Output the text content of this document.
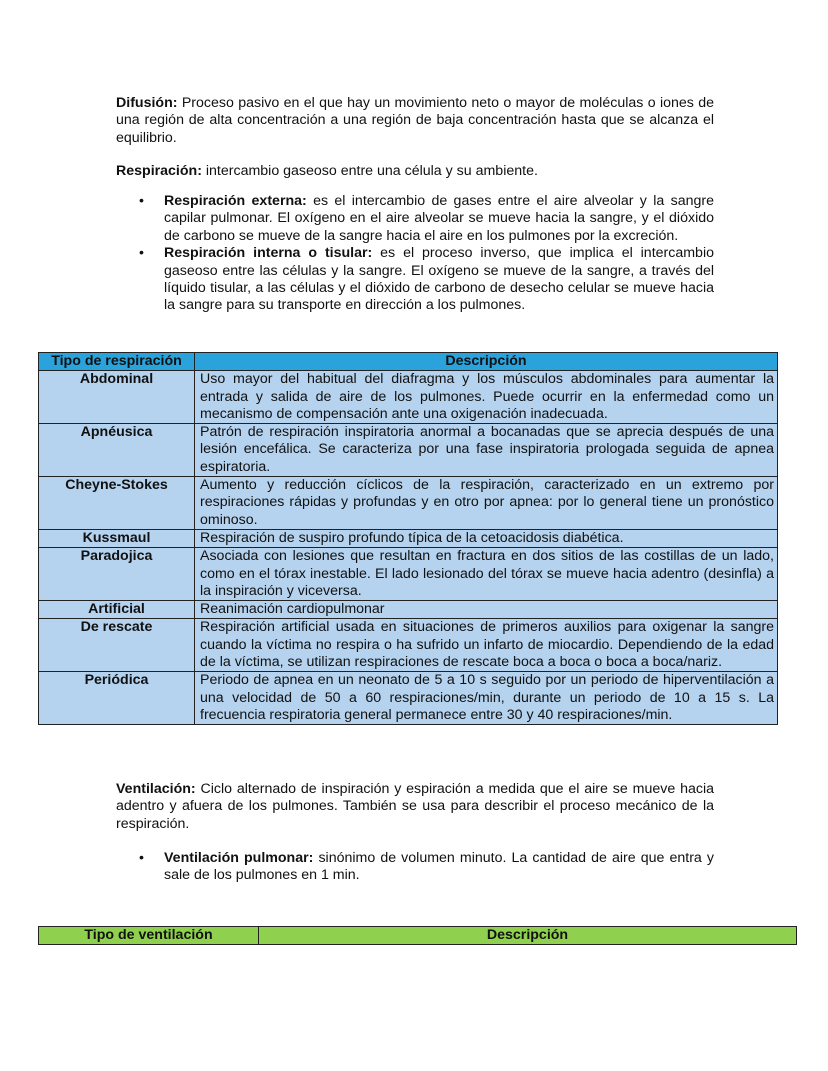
Difusión: Proceso pasivo en el que hay un movimiento neto o mayor de moléculas o iones de una región de alta concentración a una región de baja concentración hasta que se alcanza el equilibrio.

Respiración: intercambio gaseoso entre una célula y su ambiente.

• Respiración externa: es el intercambio de gases entre el aire alveolar y la sangre capilar pulmonar. El oxígeno en el aire alveolar se mueve hacia la sangre, y el dióxido de carbono se mueve de la sangre hacia el aire en los pulmones por la excreción.
• Respiración interna o tisular: es el proceso inverso, que implica el intercambio gaseoso entre las células y la sangre. El oxígeno se mueve de la sangre, a través del líquido tisular, a las células y el dióxido de carbono de desecho celular se mueve hacia la sangre para su transporte en dirección a los pulmones.
Tipo de respiración	Descripción
Abdominal	Uso mayor del habitual del diafragma y los músculos abdominales para aumentar la entrada y salida de aire de los pulmones. Puede ocurrir en la enfermedad como un mecanismo de compensación ante una oxigenación inadecuada.
Apnéusica	Patrón de respiración inspiratoria anormal a bocanadas que se aprecia después de una lesión encefálica. Se caracteriza por una fase inspiratoria prologada seguida de apnea espiratoria.
Cheyne-Stokes	Aumento y reducción cíclicos de la respiración, caracterizado en un extremo por respiraciones rápidas y profundas y en otro por apnea: por lo general tiene un pronóstico ominoso.
Kussmaul	Respiración de suspiro profundo típica de la cetoacidosis diabética.
Paradojica	Asociada con lesiones que resultan en fractura en dos sitios de las costillas de un lado, como en el tórax inestable. El lado lesionado del tórax se mueve hacia adentro (desinfla) a la inspiración y viceversa.
Artificial	Reanimación cardiopulmonar
De rescate	Respiración artificial usada en situaciones de primeros auxilios para oxigenar la sangre cuando la víctima no respira o ha sufrido un infarto de miocardio. Dependiendo de la edad de la víctima, se utilizan respiraciones de rescate boca a boca o boca a boca/nariz.
Periódica	Periodo de apnea en un neonato de 5 a 10 s seguido por un periodo de hiperventilación a una velocidad de 50 a 60 respiraciones/min, durante un periodo de 10 a 15 s. La frecuencia respiratoria general permanece entre 30 y 40 respiraciones/min.

Ventilación: Ciclo alternado de inspiración y espiración a medida que el aire se mueve hacia adentro y afuera de los pulmones. También se usa para describir el proceso mecánico de la respiración.

• Ventilación pulmonar: sinónimo de volumen minuto. La cantidad de aire que entra y sale de los pulmones en 1 min.
Tipo de ventilación	Descripción
